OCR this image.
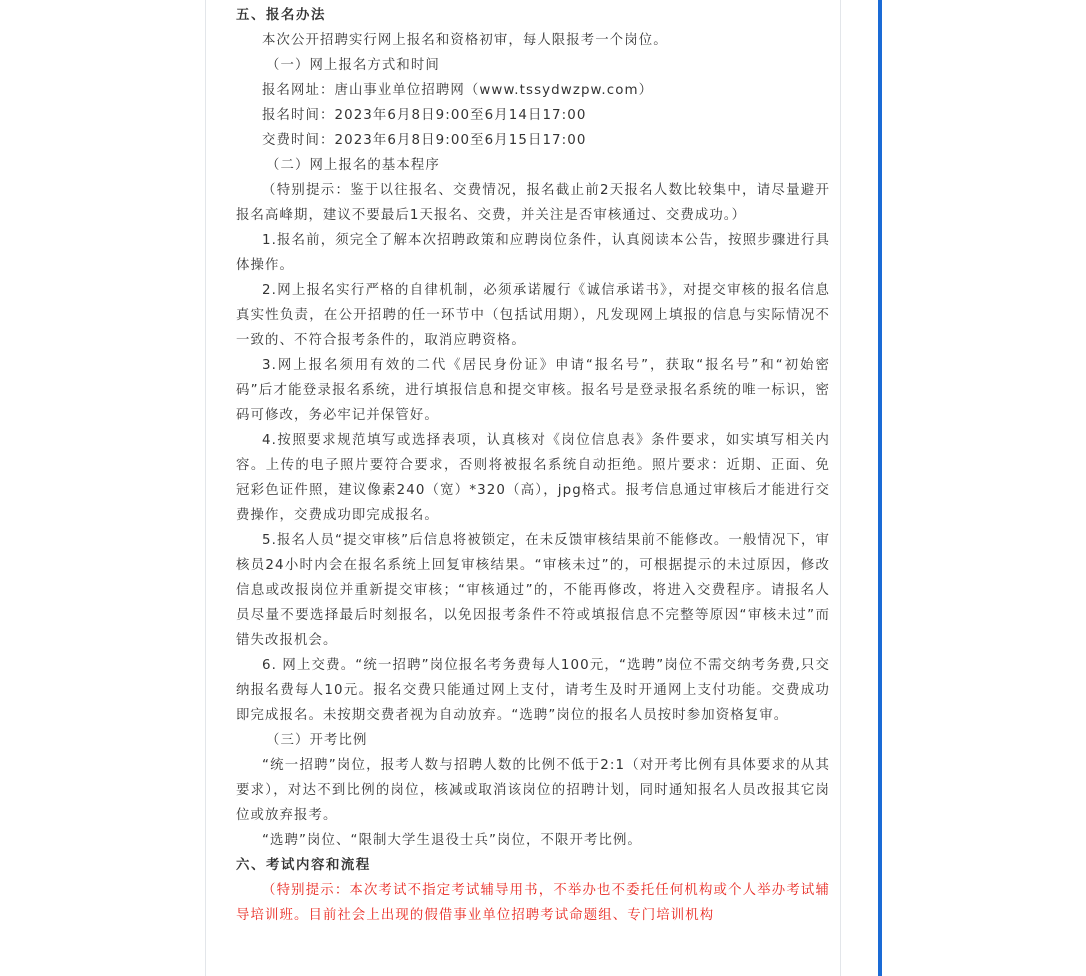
五、报名办法

本次公开招聘实行网上报名和资格初审，每人限报考一个岗位。

（一）网上报名方式和时间

报名网址：唐山事业单位招聘网（www.tssydwzpw.com）

报名时间：2023年6月8日9:00至6月14日17:00

交费时间：2023年6月8日9:00至6月15日17:00

（二）网上报名的基本程序

（特别提示：鉴于以往报名、交费情况，报名截止前2天报名人数比较集中，请尽量避开报名高峰期，建议不要最后1天报名、交费，并关注是否审核通过、交费成功。）

1.报名前，须完全了解本次招聘政策和应聘岗位条件，认真阅读本公告，按照步骤进行具体操作。

2.网上报名实行严格的自律机制，必须承诺履行《诚信承诺书》，对提交审核的报名信息真实性负责，在公开招聘的任一环节中（包括试用期），凡发现网上填报的信息与实际情况不一致的、不符合报考条件的，取消应聘资格。

3.网上报名须用有效的二代《居民身份证》申请“报名号”，获取“报名号”和“初始密码”后才能登录报名系统，进行填报信息和提交审核。报名号是登录报名系统的唯一标识，密码可修改，务必牢记并保管好。

4.按照要求规范填写或选择表项，认真核对《岗位信息表》条件要求，如实填写相关内容。上传的电子照片要符合要求，否则将被报名系统自动拒绝。照片要求：近期、正面、免冠彩色证件照，建议像素240（宽）*320（高），jpg格式。报考信息通过审核后才能进行交费操作，交费成功即完成报名。

5.报名人员“提交审核”后信息将被锁定，在未反馈审核结果前不能修改。一般情况下，审核员24小时内会在报名系统上回复审核结果。“审核未过”的，可根据提示的未过原因，修改信息或改报岗位并重新提交审核；“审核通过”的，不能再修改，将进入交费程序。请报名人员尽量不要选择最后时刻报名，以免因报考条件不符或填报信息不完整等原因“审核未过”而错失改报机会。

6. 网上交费。“统一招聘”岗位报名考务费每人100元，“选聘”岗位不需交纳考务费,只交纳报名费每人10元。报名交费只能通过网上支付，请考生及时开通网上支付功能。交费成功即完成报名。未按期交费者视为自动放弃。“选聘”岗位的报名人员按时参加资格复审。

（三）开考比例

“统一招聘”岗位，报考人数与招聘人数的比例不低于2:1（对开考比例有具体要求的从其要求），对达不到比例的岗位，核减或取消该岗位的招聘计划，同时通知报名人员改报其它岗位或放弃报考。

“选聘”岗位、“限制大学生退役士兵”岗位，不限开考比例。

六、考试内容和流程

（特别提示：本次考试不指定考试辅导用书，不举办也不委托任何机构或个人举办考试辅导培训班。目前社会上出现的假借事业单位招聘考试命题组、专门培训机构
